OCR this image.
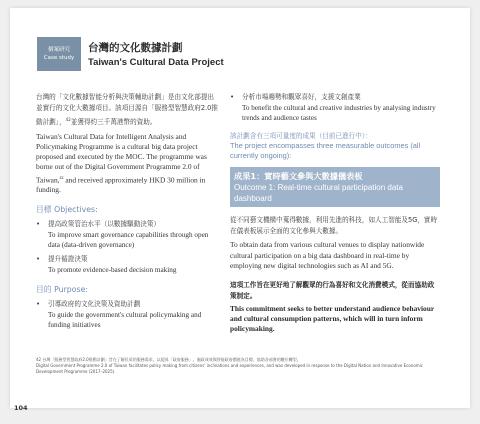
個案研究
Case study
台灣的文化數據計劃
Taiwan's Cultural Data Project
台灣的「文化數據智能分析與決策輔助計劃」是由文化部提出並實行的文化大數據項目。該項目源自「服務型智慧政府2.0推動計劃」，$^{42}$並獲得約三千萬港幣的資助。
Taiwan's Cultural Data for Intelligent Analysis and Policymaking Programme is a cultural big data project proposed and executed by the MOC. The programme was borne out of the Digital Government Programme 2.0 of Taiwan,$^{42}$ and received approximately HKD 30 million in funding.
目標 Objectives:
•	提高政策管治水平（以數據驅動決策）
To improve smart governance capabilities through open data (data-driven governance)
•	提升循證決策
To promote evidence-based decision making
目的 Purpose:
•	引導政府的文化決策及資助計劃
To guide the government's cultural policymaking and funding initiatives
•	分析市場趨勢和觀眾喜好，支援文創產業
To benefit the cultural and creative industries by analysing industry trends and audience tastes
該計劃含有三項可量度的成果（目前已進行中）：
The project encompasses three measurable outcomes (all currently ongoing):
成果1：實時藝文參與大數據儀表板
Outcome 1: Real-time cultural participation data dashboard
從不同藝文機構中蒐得數據，利用先進的科技，如人工智能及5G，實時在儀表板展示全面的文化參與大數據。
To obtain data from various cultural venues to display nationwide cultural participation on a big data dashboard in real-time by employing new digital technologies such as AI and 5G.
這項工作旨在更好地了解觀眾的行為喜好和文化消費模式，從而協助政策制定。
This commitment seeks to better understand audience behaviour and cultural consumption patterns, which will in turn inform policymaking.
42 台灣「服務型智慧政府2.0推動計劃」旨在了解民眾的服務需求，以提昇「政府服務」、施政成效與智能政府價值為目標，協助各部會的數位轉型。
Digital Government Programme 2.0 of Taiwan facilitates policy making from citizens' inclinations and experiences, and was developed in response to the Digital Nation and Innovative Economic Development Programme (2017–2025).
104
